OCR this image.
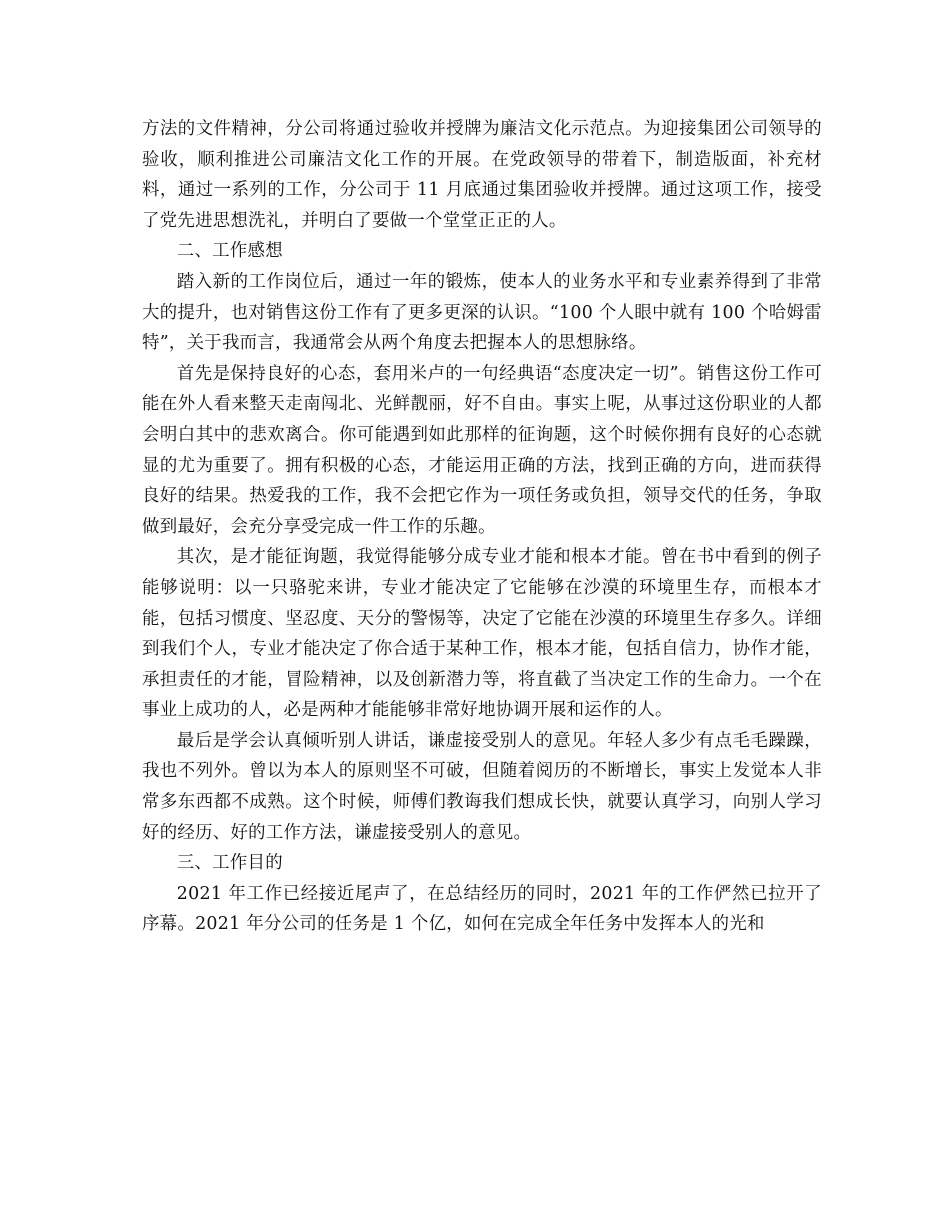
方法的文件精神，分公司将通过验收并授牌为廉洁文化示范点。为迎接集团公司领导的验收，顺利推进公司廉洁文化工作的开展。在党政领导的带着下，制造版面，补充材料，通过一系列的工作，分公司于 11 月底通过集团验收并授牌。通过这项工作，接受了党先进思想洗礼，并明白了要做一个堂堂正正的人。

二、工作感想

踏入新的工作岗位后，通过一年的锻炼，使本人的业务水平和专业素养得到了非常大的提升，也对销售这份工作有了更多更深的认识。“100 个人眼中就有 100 个哈姆雷特”，关于我而言，我通常会从两个角度去把握本人的思想脉络。

首先是保持良好的心态，套用米卢的一句经典语“态度决定一切”。销售这份工作可能在外人看来整天走南闯北、光鲜靓丽，好不自由。事实上呢，从事过这份职业的人都会明白其中的悲欢离合。你可能遇到如此那样的征询题，这个时候你拥有良好的心态就显的尤为重要了。拥有积极的心态，才能运用正确的方法，找到正确的方向，进而获得良好的结果。热爱我的工作，我不会把它作为一项任务或负担，领导交代的任务，争取做到最好，会充分享受完成一件工作的乐趣。

其次，是才能征询题，我觉得能够分成专业才能和根本才能。曾在书中看到的例子能够说明：以一只骆驼来讲，专业才能决定了它能够在沙漠的环境里生存，而根本才能，包括习惯度、坚忍度、天分的警惕等，决定了它能在沙漠的环境里生存多久。详细到我们个人，专业才能决定了你合适于某种工作，根本才能，包括自信力，协作才能，承担责任的才能，冒险精神，以及创新潜力等，将直截了当决定工作的生命力。一个在事业上成功的人，必是两种才能能够非常好地协调开展和运作的人。

最后是学会认真倾听别人讲话，谦虚接受别人的意见。年轻人多少有点毛毛躁躁，我也不列外。曾以为本人的原则坚不可破，但随着阅历的不断增长，事实上发觉本人非常多东西都不成熟。这个时候，师傅们教诲我们想成长快，就要认真学习，向别人学习好的经历、好的工作方法，谦虚接受别人的意见。

三、工作目的

2021 年工作已经接近尾声了，在总结经历的同时，2021 年的工作俨然已拉开了序幕。2021 年分公司的任务是 1 个亿，如何在完成全年任务中发挥本人的光和
